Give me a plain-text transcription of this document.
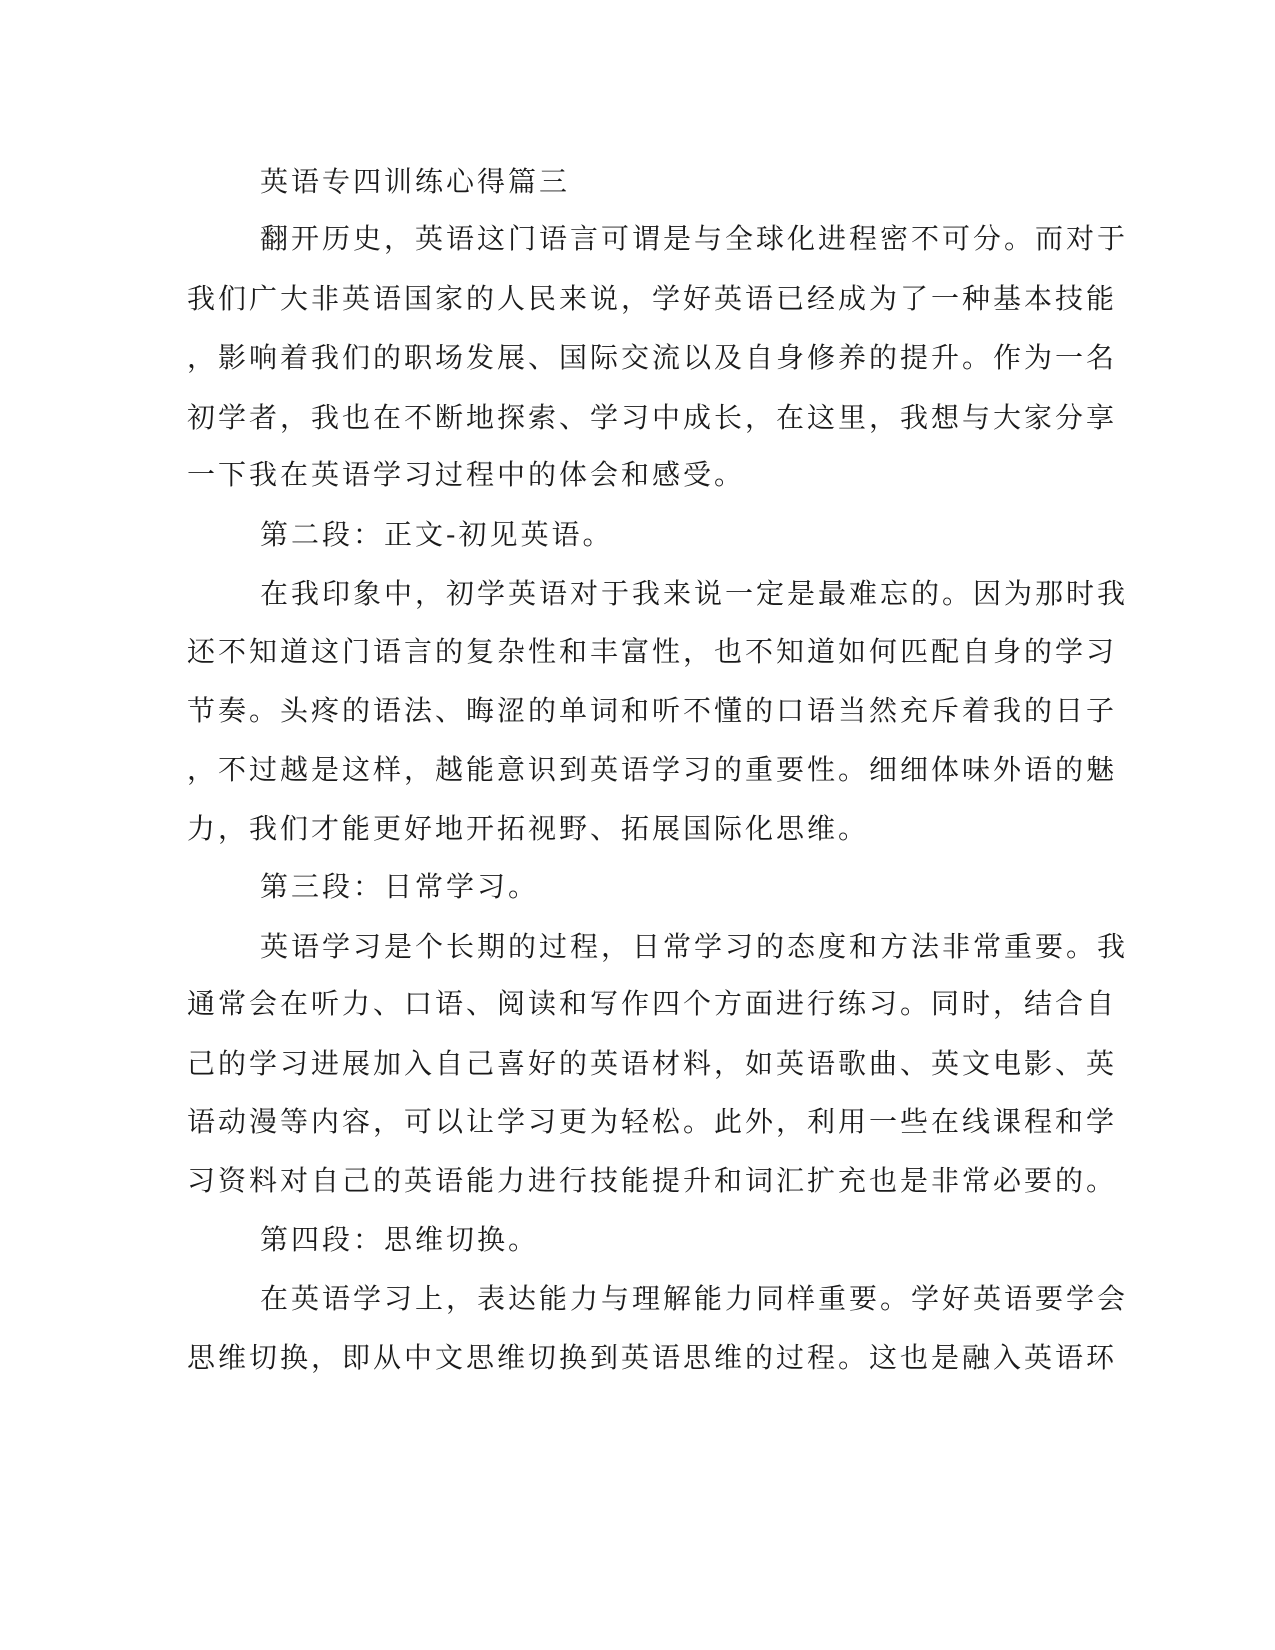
英语专四训练心得篇三
翻开历史，英语这门语言可谓是与全球化进程密不可分。而对于
我们广大非英语国家的人民来说，学好英语已经成为了一种基本技能
，影响着我们的职场发展、国际交流以及自身修养的提升。作为一名
初学者，我也在不断地探索、学习中成长，在这里，我想与大家分享
一下我在英语学习过程中的体会和感受。
第二段：正文-初见英语。
在我印象中，初学英语对于我来说一定是最难忘的。因为那时我
还不知道这门语言的复杂性和丰富性，也不知道如何匹配自身的学习
节奏。头疼的语法、晦涩的单词和听不懂的口语当然充斥着我的日子
，不过越是这样，越能意识到英语学习的重要性。细细体味外语的魅
力，我们才能更好地开拓视野、拓展国际化思维。
第三段：日常学习。
英语学习是个长期的过程，日常学习的态度和方法非常重要。我
通常会在听力、口语、阅读和写作四个方面进行练习。同时，结合自
己的学习进展加入自己喜好的英语材料，如英语歌曲、英文电影、英
语动漫等内容，可以让学习更为轻松。此外，利用一些在线课程和学
习资料对自己的英语能力进行技能提升和词汇扩充也是非常必要的。
第四段：思维切换。
在英语学习上，表达能力与理解能力同样重要。学好英语要学会
思维切换，即从中文思维切换到英语思维的过程。这也是融入英语环
